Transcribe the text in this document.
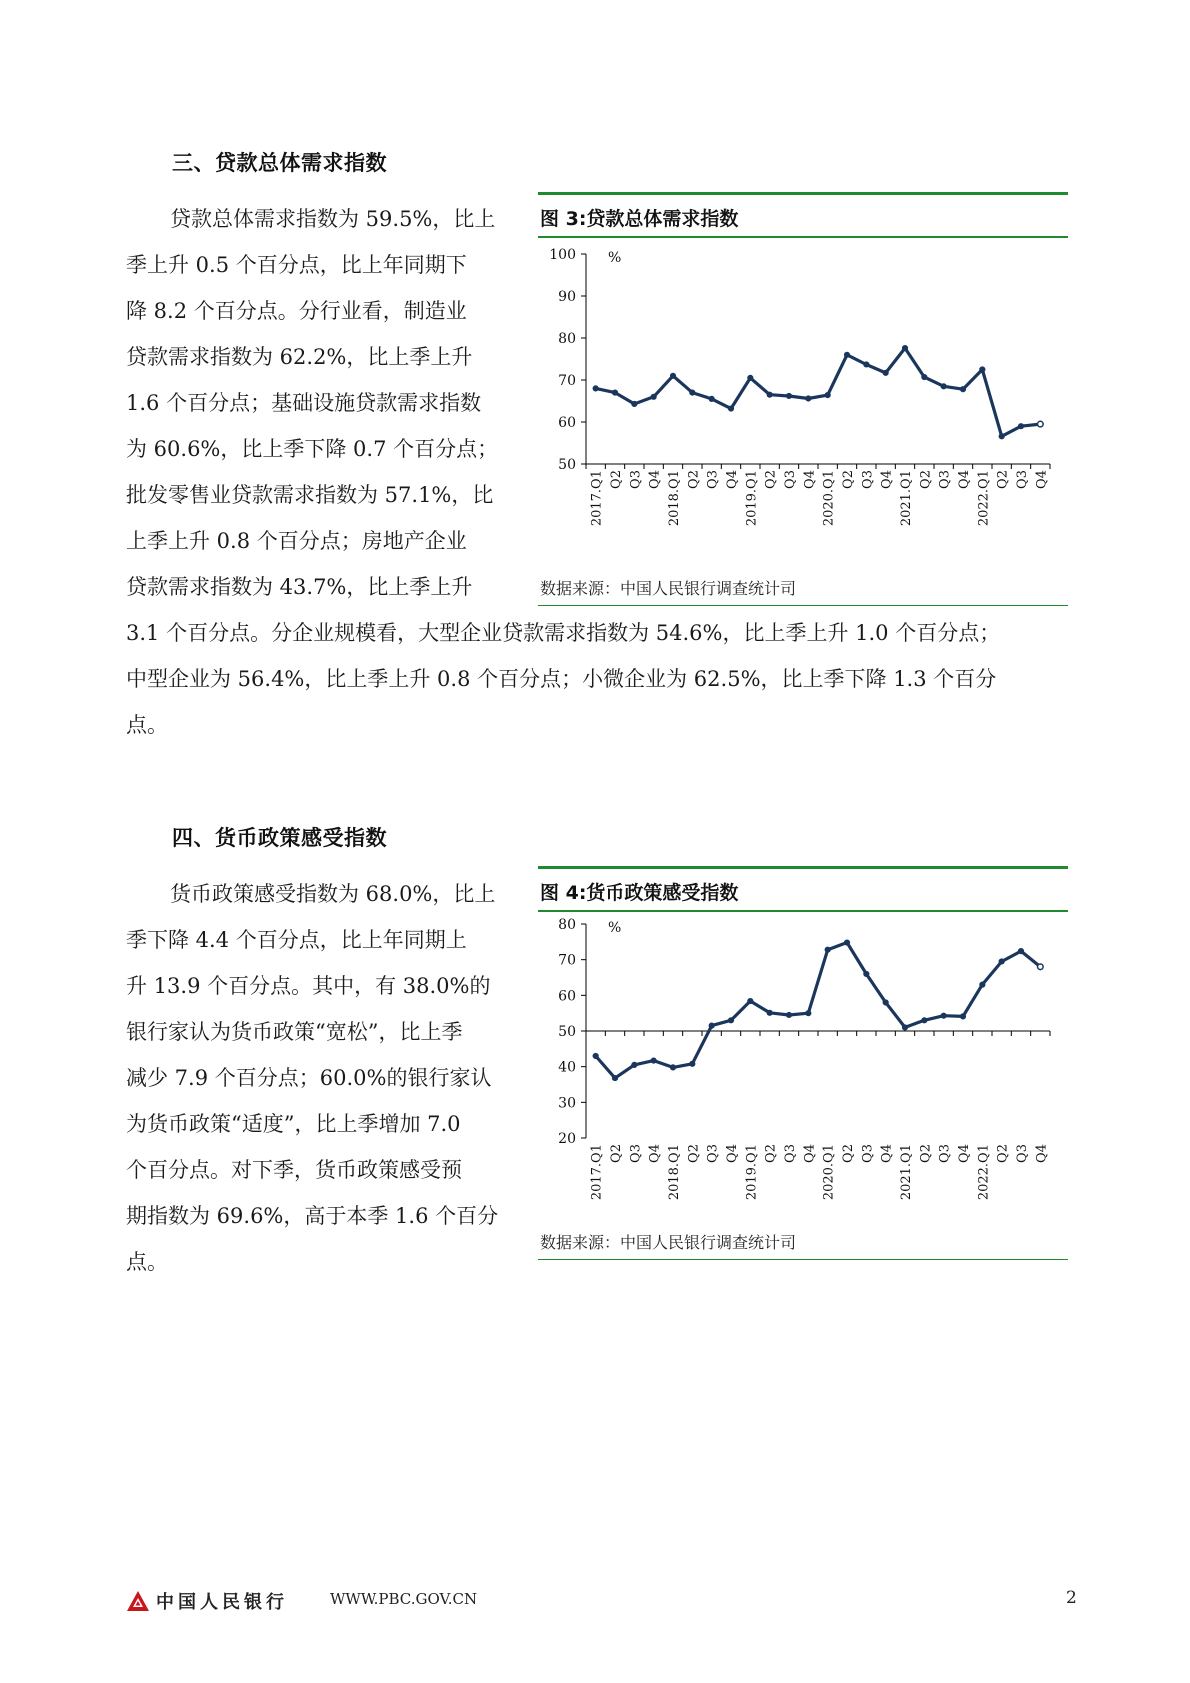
三、贷款总体需求指数
贷款总体需求指数为 59.5%，比上
季上升 0.5 个百分点，比上年同期下
降 8.2 个百分点。分行业看，制造业
贷款需求指数为 62.2%，比上季上升
1.6 个百分点；基础设施贷款需求指数
为 60.6%，比上季下降 0.7 个百分点；
批发零售业贷款需求指数为 57.1%，比
上季上升 0.8 个百分点；房地产企业
贷款需求指数为 43.7%，比上季上升
3.1 个百分点。分企业规模看，大型企业贷款需求指数为 54.6%，比上季上升 1.0 个百分点；
中型企业为 56.4%，比上季上升 0.8 个百分点；小微企业为 62.5%，比上季下降 1.3 个百分
点。
图 3:贷款总体需求指数
50
60
70
80
90
100 %
2017.Q1 Q2 Q3 Q4 2018.Q1 Q2 Q3 Q4 2019.Q1 Q2 Q3 Q4 2020.Q1 Q2 Q3 Q4 2021.Q1 Q2 Q3 Q4 2022.Q1 Q2 Q3 Q4
数据来源：中国人民银行调查统计司
四、货币政策感受指数
货币政策感受指数为 68.0%，比上
季下降 4.4 个百分点，比上年同期上
升 13.9 个百分点。其中，有 38.0%的
银行家认为货币政策“宽松”，比上季
减少 7.9 个百分点；60.0%的银行家认
为货币政策“适度”，比上季增加 7.0
个百分点。对下季，货币政策感受预
期指数为 69.6%，高于本季 1.6 个百分
点。
图 4:货币政策感受指数
20
30
40
50
60
70
80 %
2017.Q1 Q2 Q3 Q4 2018.Q1 Q2 Q3 Q4 2019.Q1 Q2 Q3 Q4 2020.Q1 Q2 Q3 Q4 2021.Q1 Q2 Q3 Q4 2022.Q1 Q2 Q3 Q4
数据来源：中国人民银行调查统计司
中国人民银行	WWW.PBC.GOV.CN	2
